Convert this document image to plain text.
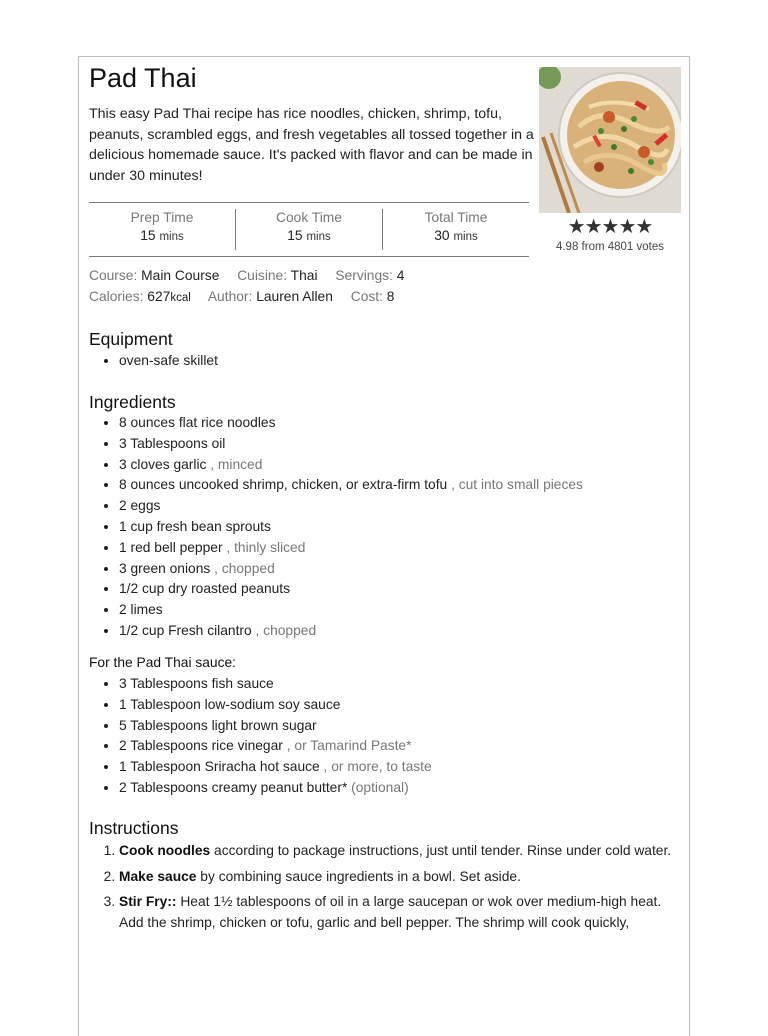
Pad Thai

This easy Pad Thai recipe has rice noodles, chicken, shrimp, tofu, peanuts, scrambled eggs, and fresh vegetables all tossed together in a delicious homemade sauce. It's packed with flavor and can be made in under 30 minutes!

★★★★★
4.98 from 4801 votes
Prep Time
15 mins
Cook Time
15 mins
Total Time
30 mins
Course: Main Course Cuisine: Thai Servings: 4
Calories: 627kcal Author: Lauren Allen Cost: 8
Equipment
• oven-safe skillet
Ingredients
• 8 ounces flat rice noodles
• 3 Tablespoons oil
• 3 cloves garlic , minced
• 8 ounces uncooked shrimp, chicken, or extra-firm tofu , cut into small pieces
• 2 eggs
• 1 cup fresh bean sprouts
• 1 red bell pepper , thinly sliced
• 3 green onions , chopped
• 1/2 cup dry roasted peanuts
• 2 limes
• 1/2 cup Fresh cilantro , chopped
For the Pad Thai sauce:
• 3 Tablespoons fish sauce
• 1 Tablespoon low-sodium soy sauce
• 5 Tablespoons light brown sugar
• 2 Tablespoons rice vinegar , or Tamarind Paste*
• 1 Tablespoon Sriracha hot sauce , or more, to taste
• 2 Tablespoons creamy peanut butter* (optional)
Instructions
1. Cook noodles according to package instructions, just until tender. Rinse under cold water.
2. Make sauce by combining sauce ingredients in a bowl. Set aside.
3. Stir Fry:: Heat 1½ tablespoons of oil in a large saucepan or wok over medium-high heat. Add the shrimp, chicken or tofu, garlic and bell pepper. The shrimp will cook quickly,
